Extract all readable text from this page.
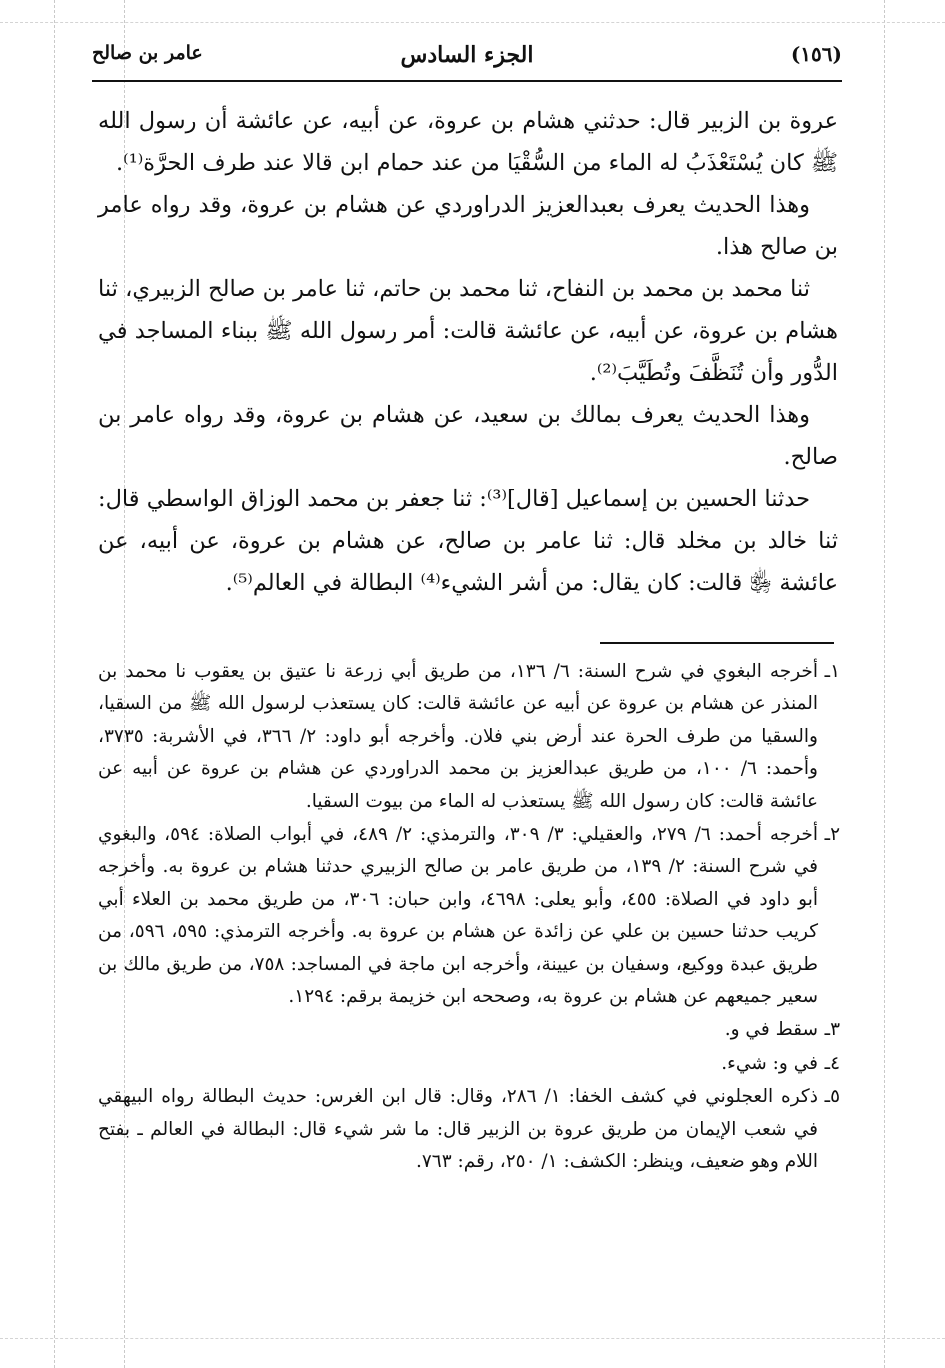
(١٥٦)
الجزء السادس
عامر بن صالح

عروة بن الزبير قال: حدثني هشام بن عروة، عن أبيه، عن عائشة أن رسول الله ﷺ كان يُسْتَعْذَبُ له الماء من السُّقْيَا من عند حمام ابن قالا عند طرف الحرَّة⁽¹⁾.

وهذا الحديث يعرف بعبدالعزيز الدراوردي عن هشام بن عروة، وقد رواه عامر بن صالح هذا.

ثنا محمد بن محمد بن النفاح، ثنا محمد بن حاتم، ثنا عامر بن صالح الزبيري، ثنا هشام بن عروة، عن أبيه، عن عائشة قالت: أمر رسول الله ﷺ ببناء المساجد في الدُّور وأن تُنَظَّفَ وتُطَيَّبَ⁽²⁾.

وهذا الحديث يعرف بمالك بن سعيد، عن هشام بن عروة، وقد رواه عامر بن صالح.

حدثنا الحسين بن إسماعيل [قال]⁽³⁾: ثنا جعفر بن محمد الوزاق الواسطي قال: ثنا خالد بن مخلد قال: ثنا عامر بن صالح، عن هشام بن عروة، عن أبيه، عن عائشة ﵂ قالت: كان يقال: من أشر الشيء⁽⁴⁾ البطالة في العالم⁽⁵⁾.

١ـ
أخرجه البغوي في شرح السنة: ٦/ ١٣٦، من طريق أبي زرعة نا عتيق بن يعقوب نا محمد بن المنذر عن هشام بن عروة عن أبيه عن عائشة قالت: كان يستعذب لرسول الله ﷺ من السقيا، والسقيا من طرف الحرة عند أرض بني فلان. وأخرجه أبو داود: ٢/ ٣٦٦، في الأشربة: ٣٧٣٥، وأحمد: ٦/ ١٠٠، من طريق عبدالعزيز بن محمد الدراوردي عن هشام بن عروة عن أبيه عن عائشة قالت: كان رسول الله ﷺ يستعذب له الماء من بيوت السقيا.
٢ـ
أخرجه أحمد: ٦/ ٢٧٩، والعقيلي: ٣/ ٣٠٩، والترمذي: ٢/ ٤٨٩، في أبواب الصلاة: ٥٩٤، والبغوي في شرح السنة: ٢/ ١٣٩، من طريق عامر بن صالح الزبيري حدثنا هشام بن عروة به. وأخرجه أبو داود في الصلاة: ٤٥٥، وأبو يعلى: ٤٦٩٨، وابن حبان: ٣٠٦، من طريق محمد بن العلاء أبي كريب حدثنا حسين بن علي عن زائدة عن هشام بن عروة به. وأخرجه الترمذي: ٥٩٥، ٥٩٦، من طريق عبدة ووكيع، وسفيان بن عيينة، وأخرجه ابن ماجة في المساجد: ٧٥٨، من طريق مالك بن سعير جميعهم عن هشام بن عروة به، وصححه ابن خزيمة برقم: ١٢٩٤.
٣ـ
سقط في و.
٤ـ
في و: شيء.
٥ـ
ذكره العجلوني في كشف الخفا: ١/ ٢٨٦، وقال: قال ابن الغرس: حديث البطالة رواه البيهقي في شعب الإيمان من طريق عروة بن الزبير قال: ما شر شيء قال: البطالة في العالم ـ بفتح اللام وهو ضعيف، وينظر: الكشف: ١/ ٢٥٠، رقم: ٧٦٣.
